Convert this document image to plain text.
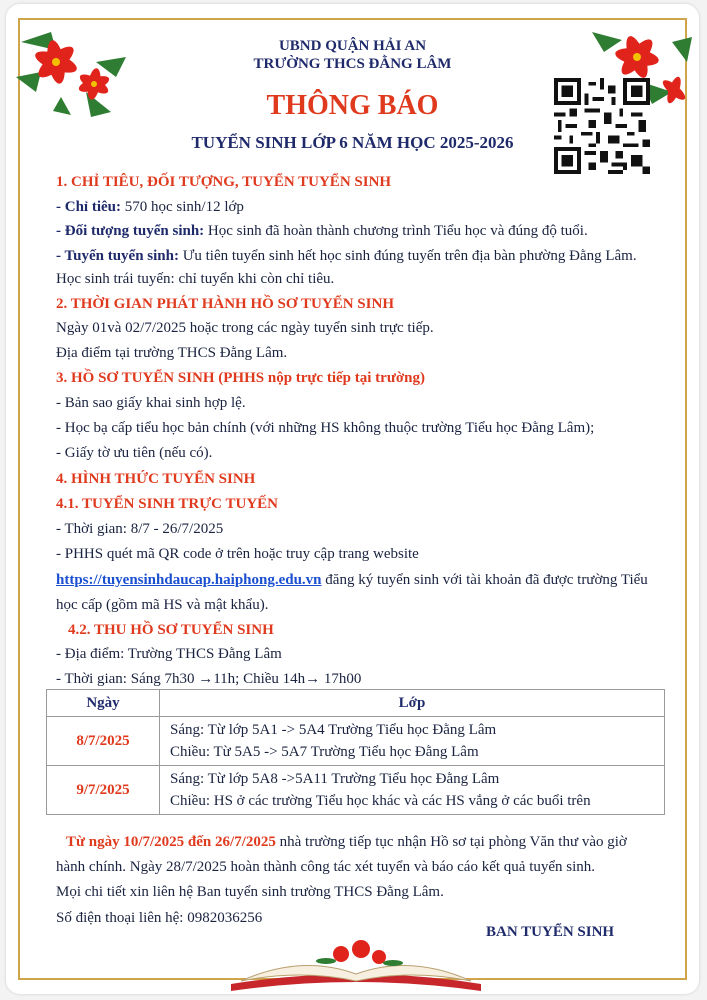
UBND QUẬN HẢI AN
TRƯỜNG THCS ĐẰNG LÂM
THÔNG BÁO
TUYỂN SINH LỚP 6 NĂM HỌC 2025-2026
1. CHỈ TIÊU, ĐỐI TƯỢNG, TUYỂN TUYỂN SINH
- Chỉ tiêu: 570 học sinh/12 lớp
- Đối tượng tuyển sinh: Học sinh đã hoàn thành chương trình Tiểu học và đúng độ tuổi.
- Tuyến tuyển sinh: Ưu tiên tuyển sinh hết học sinh đúng tuyến trên địa bàn phường Đằng Lâm.
Học sinh trái tuyến: chỉ tuyển khi còn chỉ tiêu.
2. THỜI GIAN PHÁT HÀNH HỒ SƠ TUYỂN SINH
Ngày 01và 02/7/2025 hoặc trong các ngày tuyển sinh trực tiếp.
Địa điểm tại trường THCS Đằng Lâm.
3. HỒ SƠ TUYỂN SINH (PHHS nộp trực tiếp tại trường)
- Bản sao giấy khai sinh hợp lệ.
- Học bạ cấp tiểu học bản chính (với những HS không thuộc trường Tiểu học Đằng Lâm);
- Giấy tờ ưu tiên (nếu có).
4. HÌNH THỨC TUYỂN SINH
4.1. TUYỂN SINH TRỰC TUYẾN
- Thời gian: 8/7 - 26/7/2025
- PHHS quét mã QR code ở trên hoặc truy cập trang website
https://tuyensinhdaucap.haiphong.edu.vn đăng ký tuyển sinh với tài khoản đã được trường Tiểu
học cấp (gồm mã HS và mật khẩu).
4.2. THU HỒ SƠ TUYỂN SINH
- Địa điểm: Trường THCS Đằng Lâm
- Thời gian: Sáng 7h30 →11h; Chiều 14h→ 17h00
Ngày	Lớp
8/7/2025	Sáng: Từ lớp 5A1 -> 5A4 Trường Tiểu học Đằng Lâm
Chiều: Từ 5A5 -> 5A7 Trường Tiểu học Đằng Lâm

9/7/2025	Sáng: Từ lớp 5A8 ->5A11 Trường Tiểu học Đằng Lâm
Chiều: HS ở các trường Tiểu học khác và các HS vắng ở các buổi trên
Từ ngày 10/7/2025 đến 26/7/2025 nhà trường tiếp tục nhận Hồ sơ tại phòng Văn thư vào giờ
hành chính. Ngày 28/7/2025 hoàn thành công tác xét tuyển và báo cáo kết quả tuyển sinh.
Mọi chi tiết xin liên hệ Ban tuyển sinh trường THCS Đằng Lâm.
Số điện thoại liên hệ: 0982036256
BAN TUYỂN SINH
